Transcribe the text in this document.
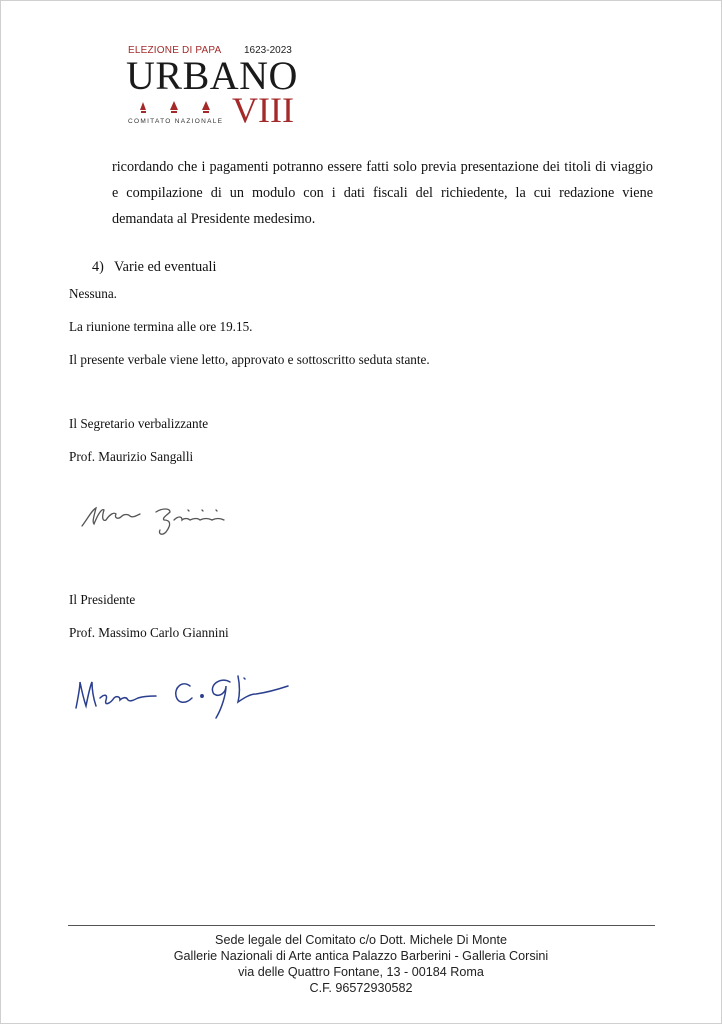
ELEZIONE DI PAPA 1623-2023
URBANO
VIII
COMITATO NAZIONALE
ricordando che i pagamenti potranno essere fatti solo previa presentazione dei titoli di viaggio e compilazione di un modulo con i dati fiscali del richiedente, la cui redazione viene demandata al Presidente medesimo.
4) Varie ed eventuali
Nessuna.
La riunione termina alle ore 19.15.
Il presente verbale viene letto, approvato e sottoscritto seduta stante.
Il Segretario verbalizzante
Prof. Maurizio Sangalli
Il Presidente
Prof. Massimo Carlo Giannini
Sede legale del Comitato c/o Dott. Michele Di Monte
Gallerie Nazionali di Arte antica Palazzo Barberini - Galleria Corsini
via delle Quattro Fontane, 13 - 00184 Roma
C.F. 96572930582
